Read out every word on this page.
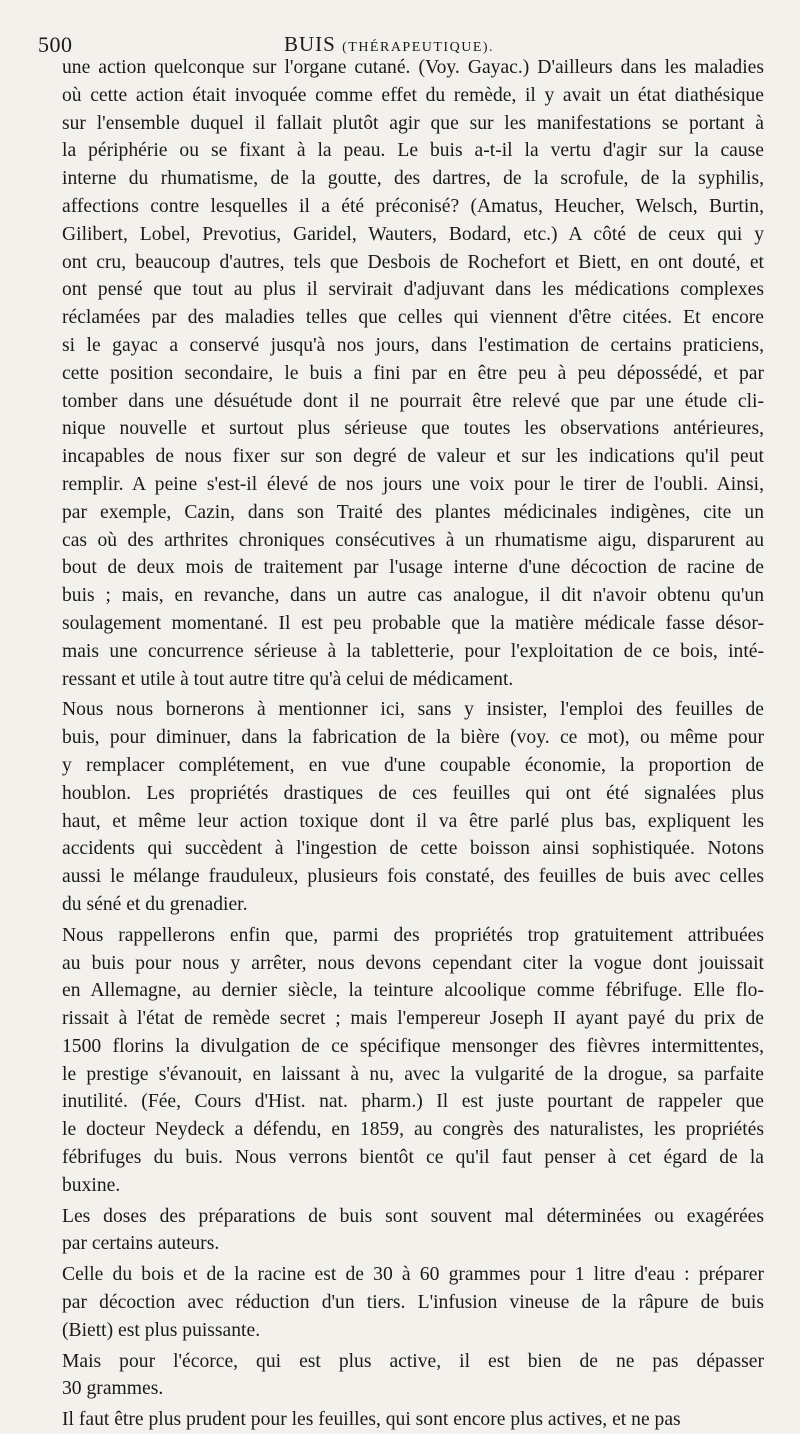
500	BUIS (THÉRAPEUTIQUE).

une action quelconque sur l'organe cutané. (Voy. Gayac.) D'ailleurs dans les maladies
où cette action était invoquée comme effet du remède, il y avait un état diathésique
sur l'ensemble duquel il fallait plutôt agir que sur les manifestations se portant à
la périphérie ou se fixant à la peau. Le buis a-t-il la vertu d'agir sur la cause
interne du rhumatisme, de la goutte, des dartres, de la scrofule, de la syphilis,
affections contre lesquelles il a été préconisé? (Amatus, Heucher, Welsch, Burtin,
Gilibert, Lobel, Prevotius, Garidel, Wauters, Bodard, etc.) A côté de ceux qui y
ont cru, beaucoup d'autres, tels que Desbois de Rochefort et Biett, en ont douté, et
ont pensé que tout au plus il servirait d'adjuvant dans les médications complexes
réclamées par des maladies telles que celles qui viennent d'être citées. Et encore
si le gayac a conservé jusqu'à nos jours, dans l'estimation de certains praticiens,
cette position secondaire, le buis a fini par en être peu à peu dépossédé, et par
tomber dans une désuétude dont il ne pourrait être relevé que par une étude cli-
nique nouvelle et surtout plus sérieuse que toutes les observations antérieures,
incapables de nous fixer sur son degré de valeur et sur les indications qu'il peut
remplir. A peine s'est-il élevé de nos jours une voix pour le tirer de l'oubli. Ainsi,
par exemple, Cazin, dans son Traité des plantes médicinales indigènes, cite un
cas où des arthrites chroniques consécutives à un rhumatisme aigu, disparurent au
bout de deux mois de traitement par l'usage interne d'une décoction de racine de
buis ; mais, en revanche, dans un autre cas analogue, il dit n'avoir obtenu qu'un
soulagement momentané. Il est peu probable que la matière médicale fasse désor-
mais une concurrence sérieuse à la tabletterie, pour l'exploitation de ce bois, inté-
ressant et utile à tout autre titre qu'à celui de médicament.

Nous nous bornerons à mentionner ici, sans y insister, l'emploi des feuilles de
buis, pour diminuer, dans la fabrication de la bière (voy. ce mot), ou même pour
y remplacer complétement, en vue d'une coupable économie, la proportion de
houblon. Les propriétés drastiques de ces feuilles qui ont été signalées plus
haut, et même leur action toxique dont il va être parlé plus bas, expliquent les
accidents qui succèdent à l'ingestion de cette boisson ainsi sophistiquée. Notons
aussi le mélange frauduleux, plusieurs fois constaté, des feuilles de buis avec celles
du séné et du grenadier.

Nous rappellerons enfin que, parmi des propriétés trop gratuitement attribuées
au buis pour nous y arrêter, nous devons cependant citer la vogue dont jouissait
en Allemagne, au dernier siècle, la teinture alcoolique comme fébrifuge. Elle flo-
rissait à l'état de remède secret ; mais l'empereur Joseph II ayant payé du prix de
1500 florins la divulgation de ce spécifique mensonger des fièvres intermittentes,
le prestige s'évanouit, en laissant à nu, avec la vulgarité de la drogue, sa parfaite
inutilité. (Fée, Cours d'Hist. nat. pharm.) Il est juste pourtant de rappeler que
le docteur Neydeck a défendu, en 1859, au congrès des naturalistes, les propriétés
fébrifuges du buis. Nous verrons bientôt ce qu'il faut penser à cet égard de la
buxine.

Les doses des préparations de buis sont souvent mal déterminées ou exagérées
par certains auteurs.

Celle du bois et de la racine est de 30 à 60 grammes pour 1 litre d'eau : préparer
par décoction avec réduction d'un tiers. L'infusion vineuse de la râpure de buis
(Biett) est plus puissante.

Mais pour l'écorce, qui est plus active, il est bien de ne pas dépasser
30 grammes.

Il faut être plus prudent pour les feuilles, qui sont encore plus actives, et ne pas
